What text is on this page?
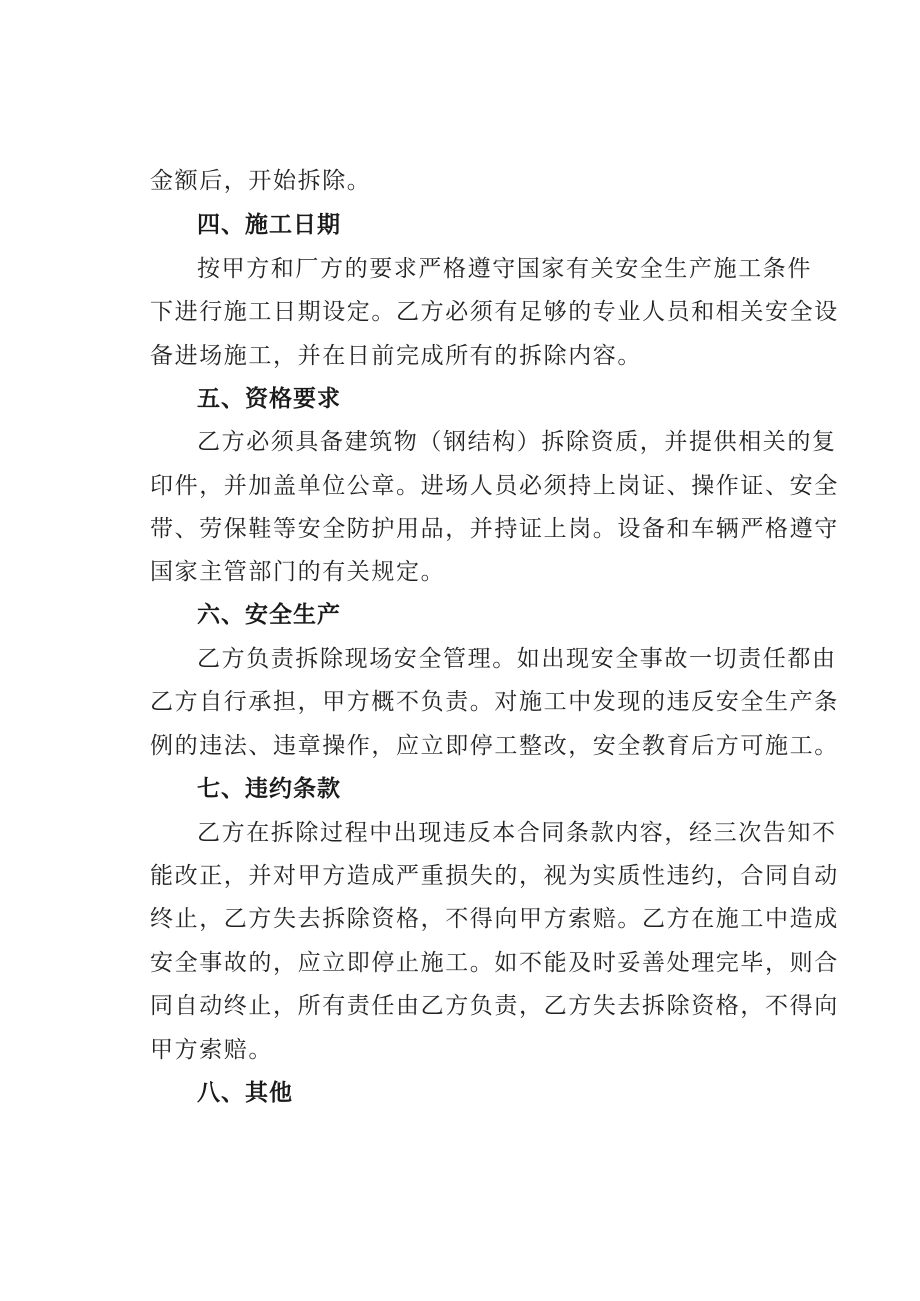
金额后，开始拆除。
四、施工日期
按甲方和厂方的要求严格遵守国家有关安全生产施工条件
下进行施工日期设定。乙方必须有足够的专业人员和相关安全设
备进场施工，并在日前完成所有的拆除内容。
五、资格要求
乙方必须具备建筑物（钢结构）拆除资质，并提供相关的复
印件，并加盖单位公章。进场人员必须持上岗证、操作证、安全
带、劳保鞋等安全防护用品，并持证上岗。设备和车辆严格遵守
国家主管部门的有关规定。
六、安全生产
乙方负责拆除现场安全管理。如出现安全事故一切责任都由
乙方自行承担，甲方概不负责。对施工中发现的违反安全生产条
例的违法、违章操作，应立即停工整改，安全教育后方可施工。
七、违约条款
乙方在拆除过程中出现违反本合同条款内容，经三次告知不
能改正，并对甲方造成严重损失的，视为实质性违约，合同自动
终止，乙方失去拆除资格，不得向甲方索赔。乙方在施工中造成
安全事故的，应立即停止施工。如不能及时妥善处理完毕，则合
同自动终止，所有责任由乙方负责，乙方失去拆除资格，不得向
甲方索赔。
八、其他
